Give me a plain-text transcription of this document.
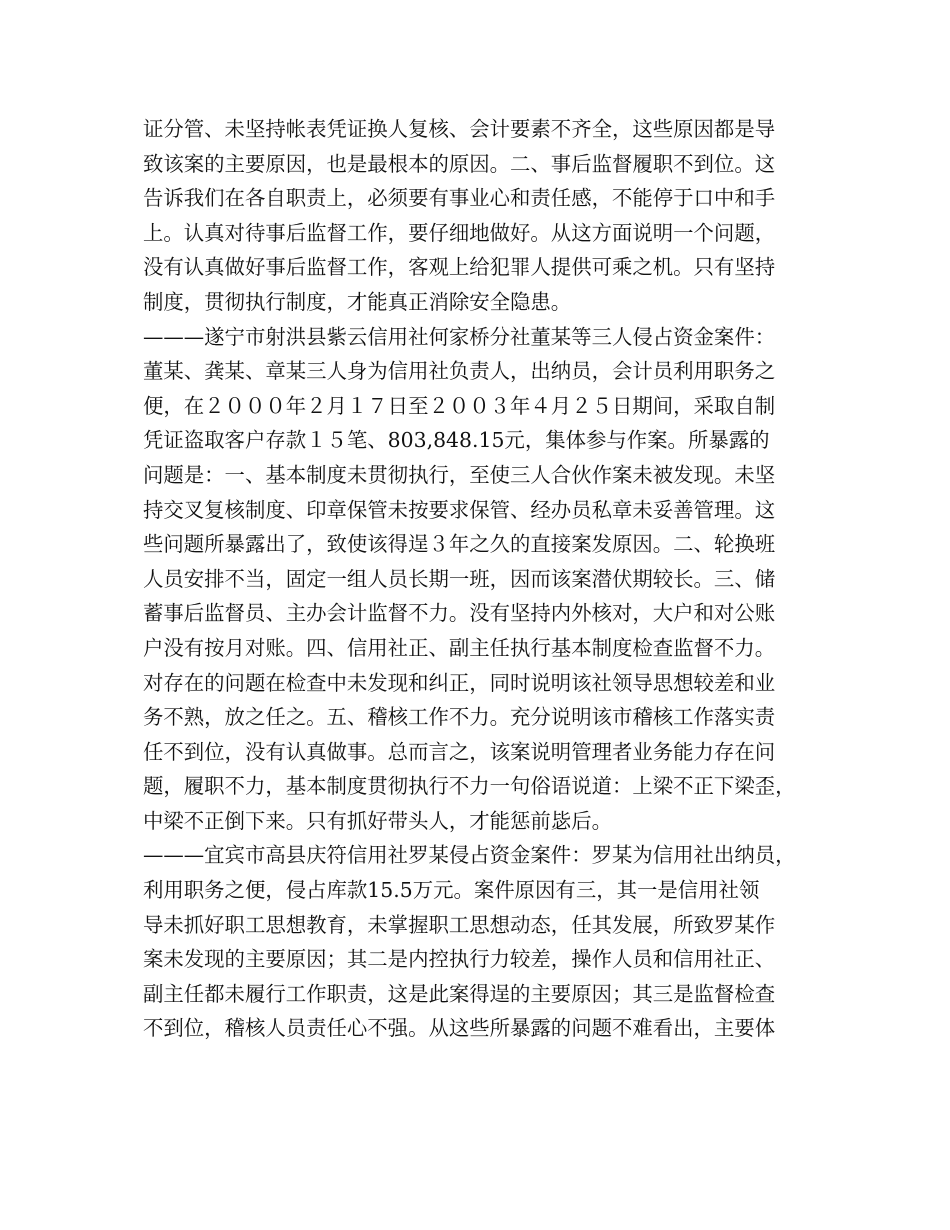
证分管、未坚持帐表凭证换人复核、会计要素不齐全，这些原因都是导
致该案的主要原因，也是最根本的原因。二、事后监督履职不到位。这
告诉我们在各自职责上，必须要有事业心和责任感，不能停于口中和手
上。认真对待事后监督工作，要仔细地做好。从这方面说明一个问题，
没有认真做好事后监督工作，客观上给犯罪人提供可乘之机。只有坚持
制度，贯彻执行制度，才能真正消除安全隐患。
———遂宁市射洪县紫云信用社何家桥分社董某等三人侵占资金案件：
董某、龚某、章某三人身为信用社负责人，出纳员，会计员利用职务之
便，在２０００年２月１７日至２００３年４月２５日期间，采取自制
凭证盗取客户存款１５笔、803,848.15元，集体参与作案。所暴露的
问题是：一、基本制度未贯彻执行，至使三人合伙作案未被发现。未坚
持交叉复核制度、印章保管未按要求保管、经办员私章未妥善管理。这
些问题所暴露出了，致使该得逞３年之久的直接案发原因。二、轮换班
人员安排不当，固定一组人员长期一班，因而该案潜伏期较长。三、储
蓄事后监督员、主办会计监督不力。没有坚持内外核对，大户和对公账
户没有按月对账。四、信用社正、副主任执行基本制度检查监督不力。
对存在的问题在检查中未发现和纠正，同时说明该社领导思想较差和业
务不熟，放之任之。五、稽核工作不力。充分说明该市稽核工作落实责
任不到位，没有认真做事。总而言之，该案说明管理者业务能力存在问
题，履职不力，基本制度贯彻执行不力一句俗语说道：上梁不正下梁歪，
中梁不正倒下来。只有抓好带头人，才能惩前毖后。
———宜宾市高县庆符信用社罗某侵占资金案件：罗某为信用社出纳员，
利用职务之便，侵占库款15.5万元。案件原因有三，其一是信用社领
导未抓好职工思想教育，未掌握职工思想动态，任其发展，所致罗某作
案未发现的主要原因；其二是内控执行力较差，操作人员和信用社正、
副主任都未履行工作职责，这是此案得逞的主要原因；其三是监督检查
不到位，稽核人员责任心不强。从这些所暴露的问题不难看出，主要体
